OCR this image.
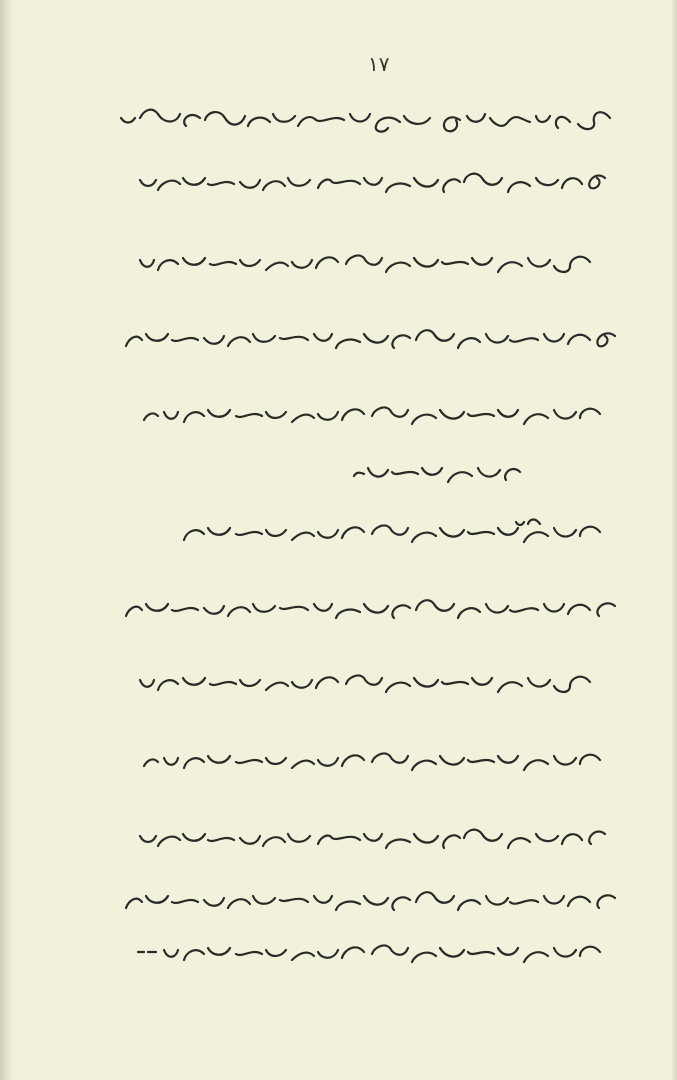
۱۷
